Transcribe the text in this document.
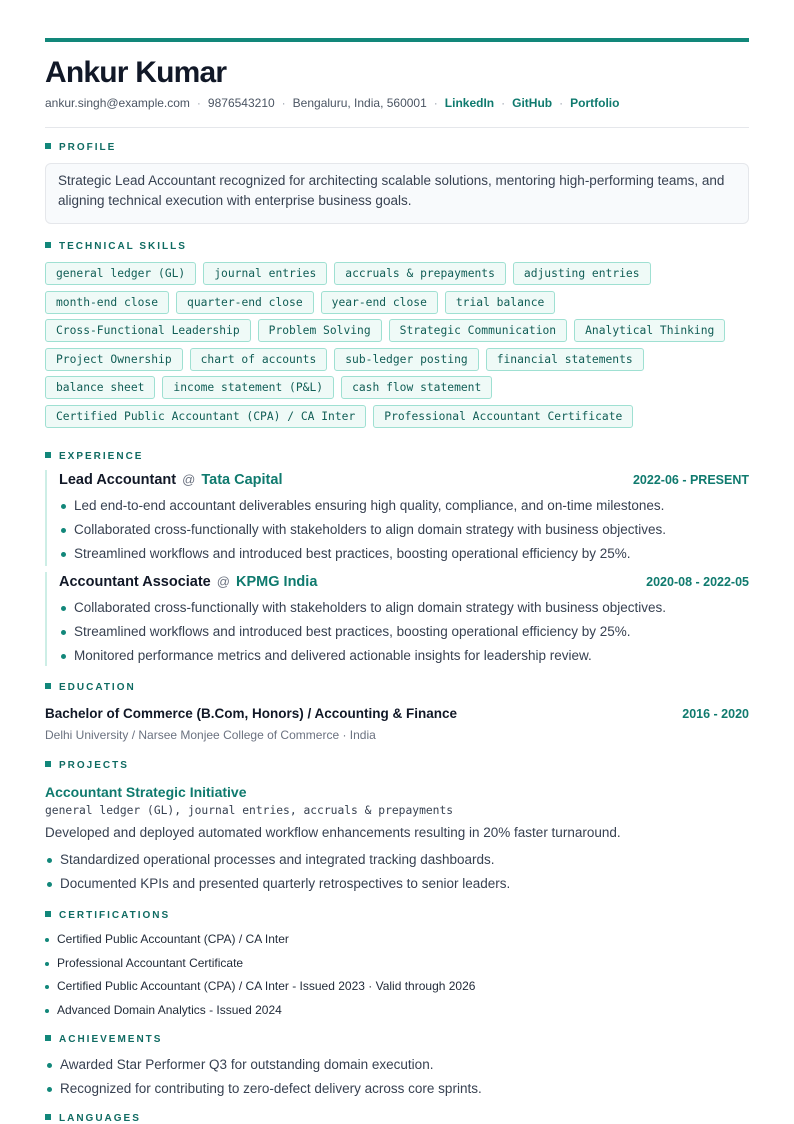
Ankur Kumar
ankur.singh@example.com · 9876543210 · Bengaluru, India, 560001 · LinkedIn · GitHub · Portfolio
PROFILE
Strategic Lead Accountant recognized for architecting scalable solutions, mentoring high-performing teams, and aligning technical execution with enterprise business goals.
TECHNICAL SKILLS
general ledger (GL)	journal entries	accruals & prepayments	adjusting entries
month-end close	quarter-end close	year-end close	trial balance
Cross-Functional Leadership	Problem Solving	Strategic Communication	Analytical Thinking
Project Ownership	chart of accounts	sub-ledger posting	financial statements
balance sheet	income statement (P&L)	cash flow statement
Certified Public Accountant (CPA) / CA Inter	Professional Accountant Certificate
EXPERIENCE
Lead Accountant @ Tata Capital	2022-06 - PRESENT
Led end-to-end accountant deliverables ensuring high quality, compliance, and on-time milestones.
Collaborated cross-functionally with stakeholders to align domain strategy with business objectives.
Streamlined workflows and introduced best practices, boosting operational efficiency by 25%.
Accountant Associate @ KPMG India	2020-08 - 2022-05
Collaborated cross-functionally with stakeholders to align domain strategy with business objectives.
Streamlined workflows and introduced best practices, boosting operational efficiency by 25%.
Monitored performance metrics and delivered actionable insights for leadership review.
EDUCATION
Bachelor of Commerce (B.Com, Honors) / Accounting & Finance	2016 - 2020
Delhi University / Narsee Monjee College of Commerce · India
PROJECTS
Accountant Strategic Initiative
general ledger (GL), journal entries, accruals & prepayments
Developed and deployed automated workflow enhancements resulting in 20% faster turnaround.
Standardized operational processes and integrated tracking dashboards.
Documented KPIs and presented quarterly retrospectives to senior leaders.
CERTIFICATIONS
Certified Public Accountant (CPA) / CA Inter
Professional Accountant Certificate
Certified Public Accountant (CPA) / CA Inter - Issued 2023 · Valid through 2026
Advanced Domain Analytics - Issued 2024
ACHIEVEMENTS
Awarded Star Performer Q3 for outstanding domain execution.
Recognized for contributing to zero-defect delivery across core sprints.
LANGUAGES
